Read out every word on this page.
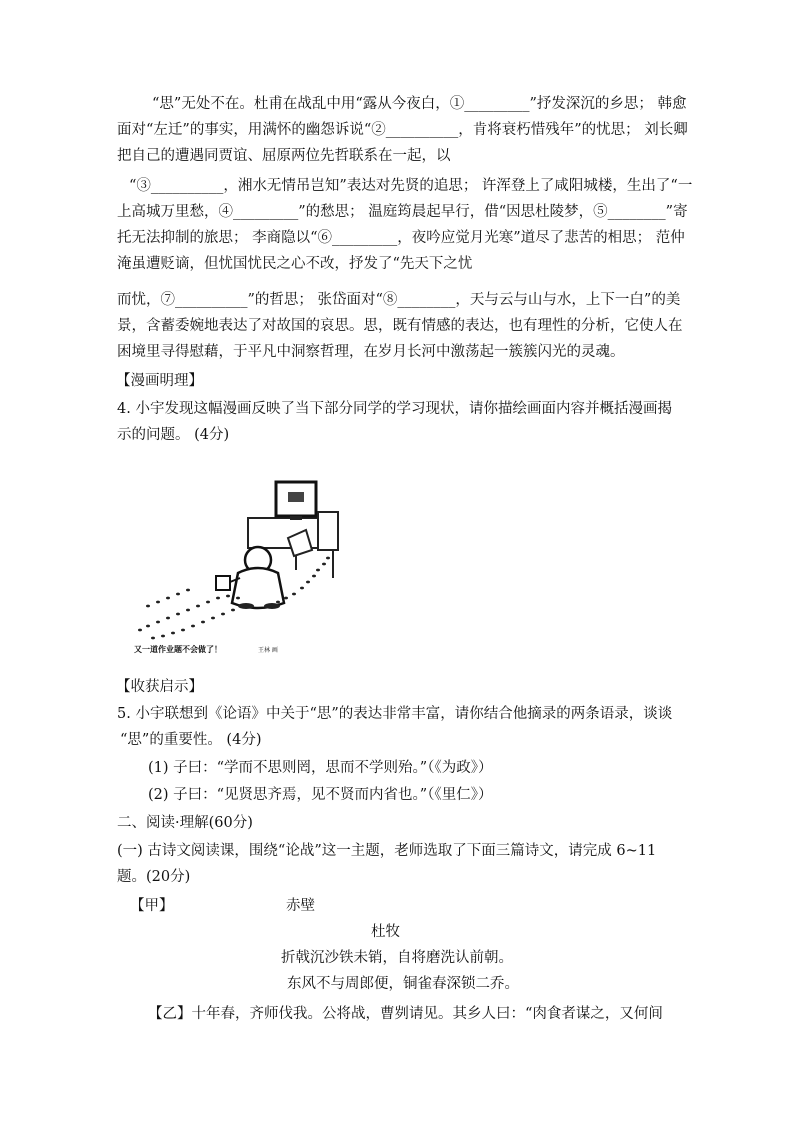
“思”无处不在。杜甫在战乱中用“露从今夜白，①_________”抒发深沉的乡思； 韩愈
面对“左迁”的事实，用满怀的幽怨诉说“②__________，肯将衰朽惜残年”的忧思； 刘长卿
把自己的遭遇同贾谊、屈原两位先哲联系在一起，以
“③__________，湘水无情吊岂知”表达对先贤的追思； 许浑登上了咸阳城楼，生出了“一
上高城万里愁，④_________”的愁思； 温庭筠晨起早行，借“因思杜陵梦，⑤________”寄
托无法抑制的旅思； 李商隐以“⑥_________，夜吟应觉月光寒”道尽了悲苦的相思； 范仲
淹虽遭贬谪，但忧国忧民之心不改，抒发了“先天下之忧
而忧，⑦__________”的哲思； 张岱面对“⑧________，天与云与山与水，上下一白”的美
景，含蓄委婉地表达了对故国的哀思。思，既有情感的表达，也有理性的分析，它使人在
困境里寻得慰藉，于平凡中洞察哲理，在岁月长河中激荡起一簇簇闪光的灵魂。
【漫画明理】
4. 小宇发现这幅漫画反映了当下部分同学的学习现状，请你描绘画面内容并概括漫画揭
示的问题。 (4分)
又一道作业题不会做了！	王林 画
【收获启示】
5. 小宇联想到《论语》中关于“思”的表达非常丰富，请你结合他摘录的两条语录，谈谈
“思”的重要性。 (4分)
(1) 子曰：“学而不思则罔，思而不学则殆。”（《为政》）
(2) 子曰：“见贤思齐焉，见不贤而内省也。”（《里仁》）
二、阅读·理解(60分)
(一) 古诗文阅读课，围绕“论战”这一主题，老师选取了下面三篇诗文，请完成 6~11
题。(20分)
【甲】	赤壁
杜牧
折戟沉沙铁未销，自将磨洗认前朝。
东风不与周郎便，铜雀春深锁二乔。
【乙】十年春，齐师伐我。公将战，曹刿请见。其乡人曰：“肉食者谋之，又何间
